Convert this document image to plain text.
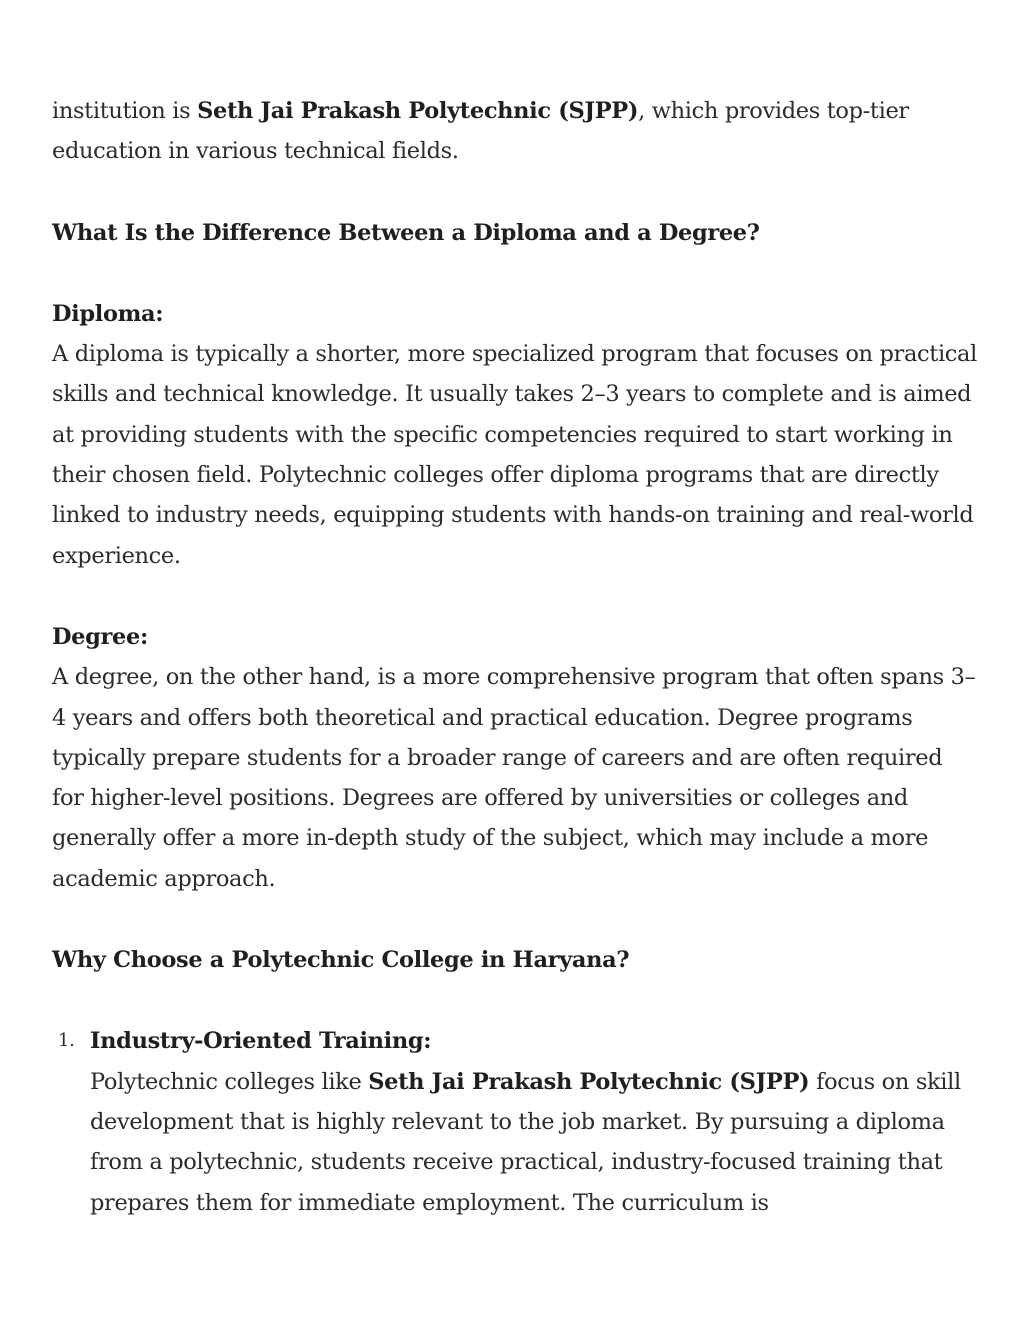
institution is Seth Jai Prakash Polytechnic (SJPP), which provides top-tier education in various technical fields.

What Is the Difference Between a Diploma and a Degree?

Diploma:

A diploma is typically a shorter, more specialized program that focuses on practical skills and technical knowledge. It usually takes 2–3 years to complete and is aimed at providing students with the specific competencies required to start working in their chosen field. Polytechnic colleges offer diploma programs that are directly linked to industry needs, equipping students with hands-on training and real-world experience.

Degree:

A degree, on the other hand, is a more comprehensive program that often spans 3–4 years and offers both theoretical and practical education. Degree programs typically prepare students for a broader range of careers and are often required for higher-level positions. Degrees are offered by universities or colleges and generally offer a more in-depth study of the subject, which may include a more academic approach.

Why Choose a Polytechnic College in Haryana?

1. Industry-Oriented Training:

Polytechnic colleges like Seth Jai Prakash Polytechnic (SJPP) focus on skill development that is highly relevant to the job market. By pursuing a diploma from a polytechnic, students receive practical, industry-focused training that prepares them for immediate employment. The curriculum is
